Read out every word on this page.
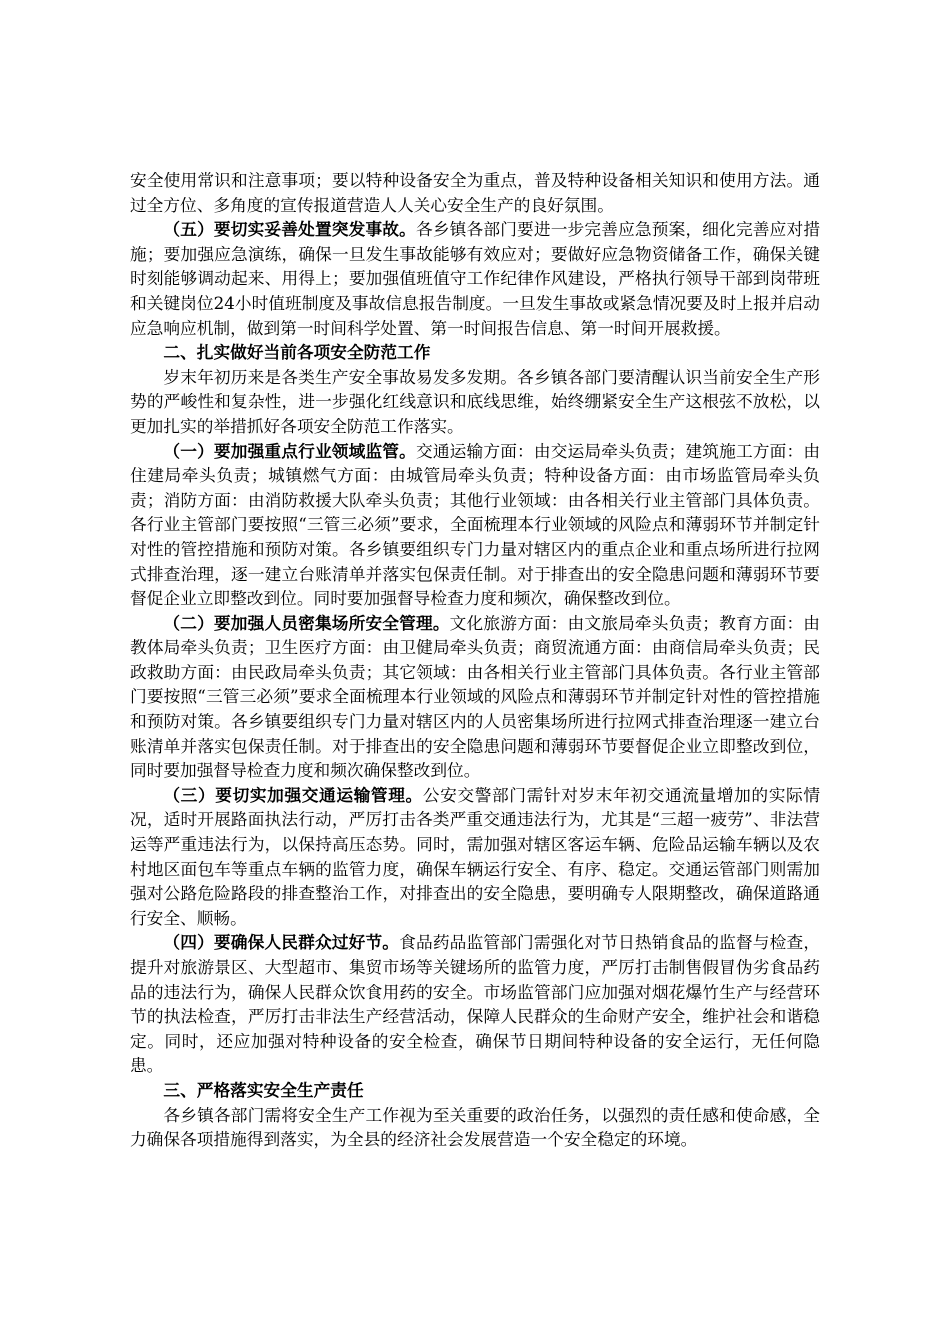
安全使用常识和注意事项；要以特种设备安全为重点，普及特种设备相关知识和使用方法。通过全方位、多角度的宣传报道营造人人关心安全生产的良好氛围。

（五）要切实妥善处置突发事故。各乡镇各部门要进一步完善应急预案，细化完善应对措施；要加强应急演练，确保一旦发生事故能够有效应对；要做好应急物资储备工作，确保关键时刻能够调动起来、用得上；要加强值班值守工作纪律作风建设，严格执行领导干部到岗带班和关键岗位24小时值班制度及事故信息报告制度。一旦发生事故或紧急情况要及时上报并启动应急响应机制，做到第一时间科学处置、第一时间报告信息、第一时间开展救援。

二、扎实做好当前各项安全防范工作

岁末年初历来是各类生产安全事故易发多发期。各乡镇各部门要清醒认识当前安全生产形势的严峻性和复杂性，进一步强化红线意识和底线思维，始终绷紧安全生产这根弦不放松，以更加扎实的举措抓好各项安全防范工作落实。

（一）要加强重点行业领域监管。交通运输方面：由交运局牵头负责；建筑施工方面：由住建局牵头负责；城镇燃气方面：由城管局牵头负责；特种设备方面：由市场监管局牵头负责；消防方面：由消防救援大队牵头负责；其他行业领域：由各相关行业主管部门具体负责。各行业主管部门要按照“三管三必须”要求，全面梳理本行业领域的风险点和薄弱环节并制定针对性的管控措施和预防对策。各乡镇要组织专门力量对辖区内的重点企业和重点场所进行拉网式排查治理，逐一建立台账清单并落实包保责任制。对于排查出的安全隐患问题和薄弱环节要督促企业立即整改到位。同时要加强督导检查力度和频次，确保整改到位。

（二）要加强人员密集场所安全管理。文化旅游方面：由文旅局牵头负责；教育方面：由教体局牵头负责；卫生医疗方面：由卫健局牵头负责；商贸流通方面：由商信局牵头负责；民政救助方面：由民政局牵头负责；其它领域：由各相关行业主管部门具体负责。各行业主管部门要按照“三管三必须”要求全面梳理本行业领域的风险点和薄弱环节并制定针对性的管控措施和预防对策。各乡镇要组织专门力量对辖区内的人员密集场所进行拉网式排查治理逐一建立台账清单并落实包保责任制。对于排查出的安全隐患问题和薄弱环节要督促企业立即整改到位，同时要加强督导检查力度和频次确保整改到位。

（三）要切实加强交通运输管理。公安交警部门需针对岁末年初交通流量增加的实际情况，适时开展路面执法行动，严厉打击各类严重交通违法行为，尤其是“三超一疲劳”、非法营运等严重违法行为，以保持高压态势。同时，需加强对辖区客运车辆、危险品运输车辆以及农村地区面包车等重点车辆的监管力度，确保车辆运行安全、有序、稳定。交通运管部门则需加强对公路危险路段的排查整治工作，对排查出的安全隐患，要明确专人限期整改，确保道路通行安全、顺畅。

（四）要确保人民群众过好节。食品药品监管部门需强化对节日热销食品的监督与检查，提升对旅游景区、大型超市、集贸市场等关键场所的监管力度，严厉打击制售假冒伪劣食品药品的违法行为，确保人民群众饮食用药的安全。市场监管部门应加强对烟花爆竹生产与经营环节的执法检查，严厉打击非法生产经营活动，保障人民群众的生命财产安全，维护社会和谐稳定。同时，还应加强对特种设备的安全检查，确保节日期间特种设备的安全运行，无任何隐患。

三、严格落实安全生产责任

各乡镇各部门需将安全生产工作视为至关重要的政治任务，以强烈的责任感和使命感，全力确保各项措施得到落实，为全县的经济社会发展营造一个安全稳定的环境。
